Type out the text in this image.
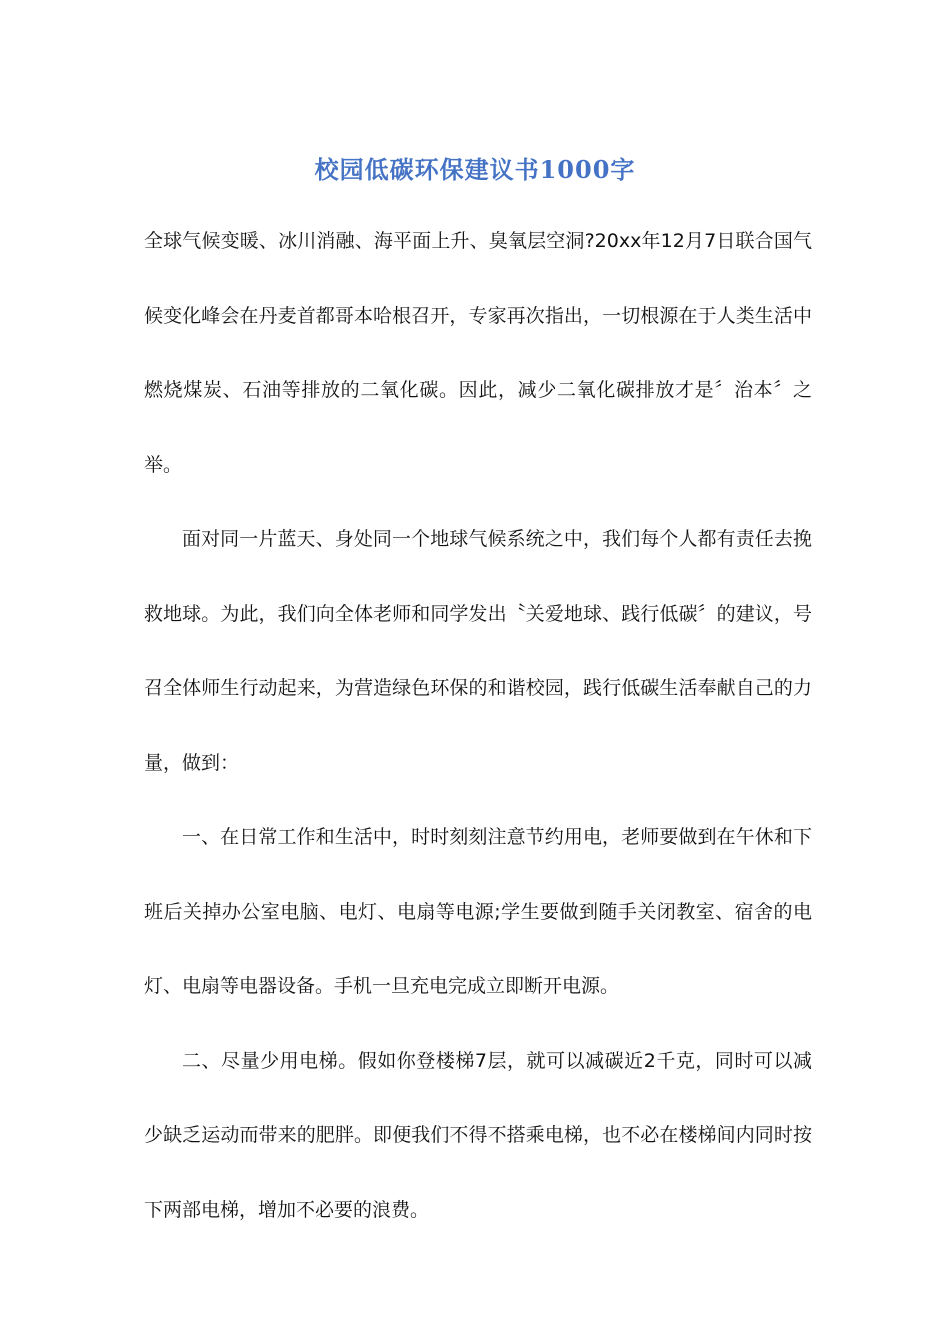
校园低碳环保建议书1000字

全球气候变暖、冰川消融、海平面上升、臭氧层空洞?20xx年12月7日联合国气候变化峰会在丹麦首都哥本哈根召开，专家再次指出，一切根源在于人类生活中燃烧煤炭、石油等排放的二氧化碳。因此，减少二氧化碳排放才是〞治本〞之举。

面对同一片蓝天、身处同一个地球气候系统之中，我们每个人都有责任去挽救地球。为此，我们向全体老师和同学发出〝关爱地球、践行低碳〞的建议，号召全体师生行动起来，为营造绿色环保的和谐校园，践行低碳生活奉献自己的力量，做到：

一、在日常工作和生活中，时时刻刻注意节约用电，老师要做到在午休和下班后关掉办公室电脑、电灯、电扇等电源;学生要做到随手关闭教室、宿舍的电灯、电扇等电器设备。手机一旦充电完成立即断开电源。

二、尽量少用电梯。假如你登楼梯7层，就可以减碳近2千克，同时可以减少缺乏运动而带来的肥胖。即便我们不得不搭乘电梯，也不必在楼梯间内同时按下两部电梯，增加不必要的浪费。
